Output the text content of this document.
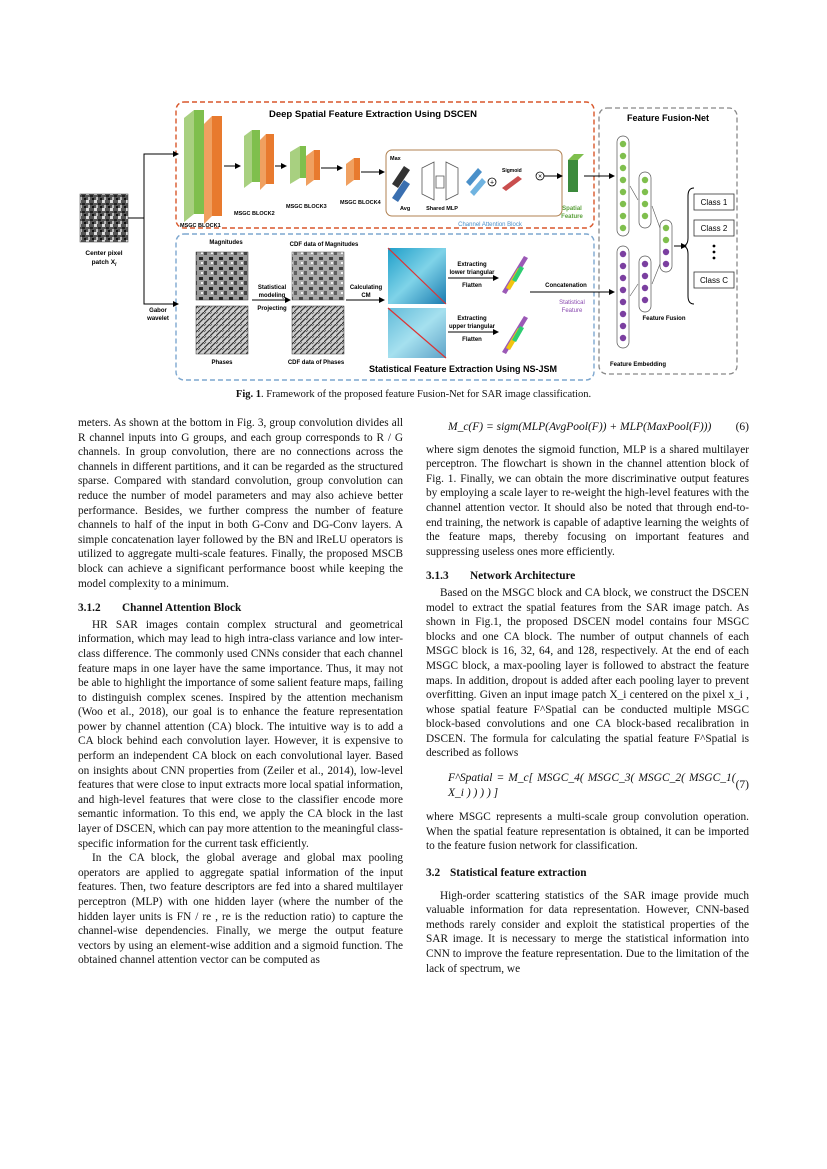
Deep Spatial Feature Extraction Using DSCEN
Statistical Feature Extraction Using NS-JSM
Feature Fusion-Net
Center pixel
patch $X_i$
Gabor
wavelet
MSGC BLOCK1
MSGC BLOCK2
MSGC BLOCK3
MSGC BLOCK4
Max
Avg	Shared MLP
+
Sigmoid
×
Channel Attention Block
Spatial
Feature
Magnitudes
Phases
Statistical
modeling
Projecting
CDF data of Magnitudes
CDF data of Phases
Calculating
CM
Extracting
lower triangular
Flatten
Extracting
upper triangular
Flatten
Concatenation
Statistical
Feature
Class 1
Class 2
Class C
Feature Fusion
Feature Embedding
Fig. 1. Framework of the proposed feature Fusion-Net for SAR image classification.

meters. As shown at the bottom in Fig. 3, group convolution divides all R channel inputs into G groups, and each group corresponds to R / G channels. In group convolution, there are no connections across the channels in different partitions, and it can be regarded as the structured sparse. Compared with standard convolution, group convolution can reduce the number of model parameters and may also achieve better performance. Besides, we further compress the number of feature channels to half of the input in both G-Conv and DG-Conv layers. A simple concatenation layer followed by the BN and lReLU operators is utilized to aggregate multi-scale features. Finally, the proposed MSCB block can achieve a significant performance boost while keeping the model complexity to a minimum.

3.1.2 Channel Attention Block

HR SAR images contain complex structural and geometrical information, which may lead to high intra-class variance and low inter-class difference. The commonly used CNNs consider that each channel feature maps in one layer have the same importance. Thus, it may not be able to highlight the importance of some salient feature maps, failing to distinguish complex scenes. Inspired by the attention mechanism (Woo et al., 2018), our goal is to enhance the feature representation power by channel attention (CA) block. The intuitive way is to add a CA block behind each convolution layer. However, it is expensive to perform an independent CA block on each convolutional layer. Based on insights about CNN properties from (Zeiler et al., 2014), low-level features that were close to input extracts more local spatial information, and high-level features that were close to the classifier encode more semantic information. To this end, we apply the CA block in the last layer of DSCEN, which can pay more attention to the meaningful class-specific information for the current task efficiently.

In the CA block, the global average and global max pooling operators are applied to aggregate spatial information of the input features. Then, two feature descriptors are fed into a shared multilayer perceptron (MLP) with one hidden layer (where the number of the hidden layer units is FN / re , re is the reduction ratio) to capture the channel-wise dependencies. Finally, we merge the output feature vectors by using an element-wise addition and a sigmoid function. The obtained channel attention vector can be computed as

M_c(F) = sigm(MLP(AvgPool(F)) + MLP(MaxPool(F))) (6)

where sigm denotes the sigmoid function, MLP is a shared multilayer perceptron. The flowchart is shown in the channel attention block of Fig. 1. Finally, we can obtain the more discriminative output features by employing a scale layer to re-weight the high-level features with the channel attention vector. It should also be noted that through end-to-end training, the network is capable of adaptive learning the weights of the feature maps, thereby focusing on important features and suppressing useless ones more efficiently.

3.1.3 Network Architecture

Based on the MSGC block and CA block, we construct the DSCEN model to extract the spatial features from the SAR image patch. As shown in Fig.1, the proposed DSCEN model contains four MSGC blocks and one CA block. The number of output channels of each MSGC block is 16, 32, 64, and 128, respectively. At the end of each MSGC block, a max-pooling layer is followed to abstract the feature maps. In addition, dropout is added after each pooling layer to prevent overfitting. Given an input image patch X_i centered on the pixel x_i , whose spatial feature F^Spatial can be conducted multiple MSGC block-based convolutions and one CA block-based recalibration in DSCEN. The formula for calculating the spatial feature F^Spatial is described as follows

F^Spatial = M_c[ MSGC_4( MSGC_3( MSGC_2( MSGC_1( X_i ) ) ) ) ]
(7)

where MSGC represents a multi-scale group convolution operation. When the spatial feature representation is obtained, it can be imported to the feature fusion network for classification.

3.2 Statistical feature extraction

High-order scattering statistics of the SAR image provide much valuable information for data representation. However, CNN-based methods rarely consider and exploit the statistical properties of the SAR image. It is necessary to merge the statistical information into CNN to improve the feature representation. Due to the limitation of the lack of spectrum, we
